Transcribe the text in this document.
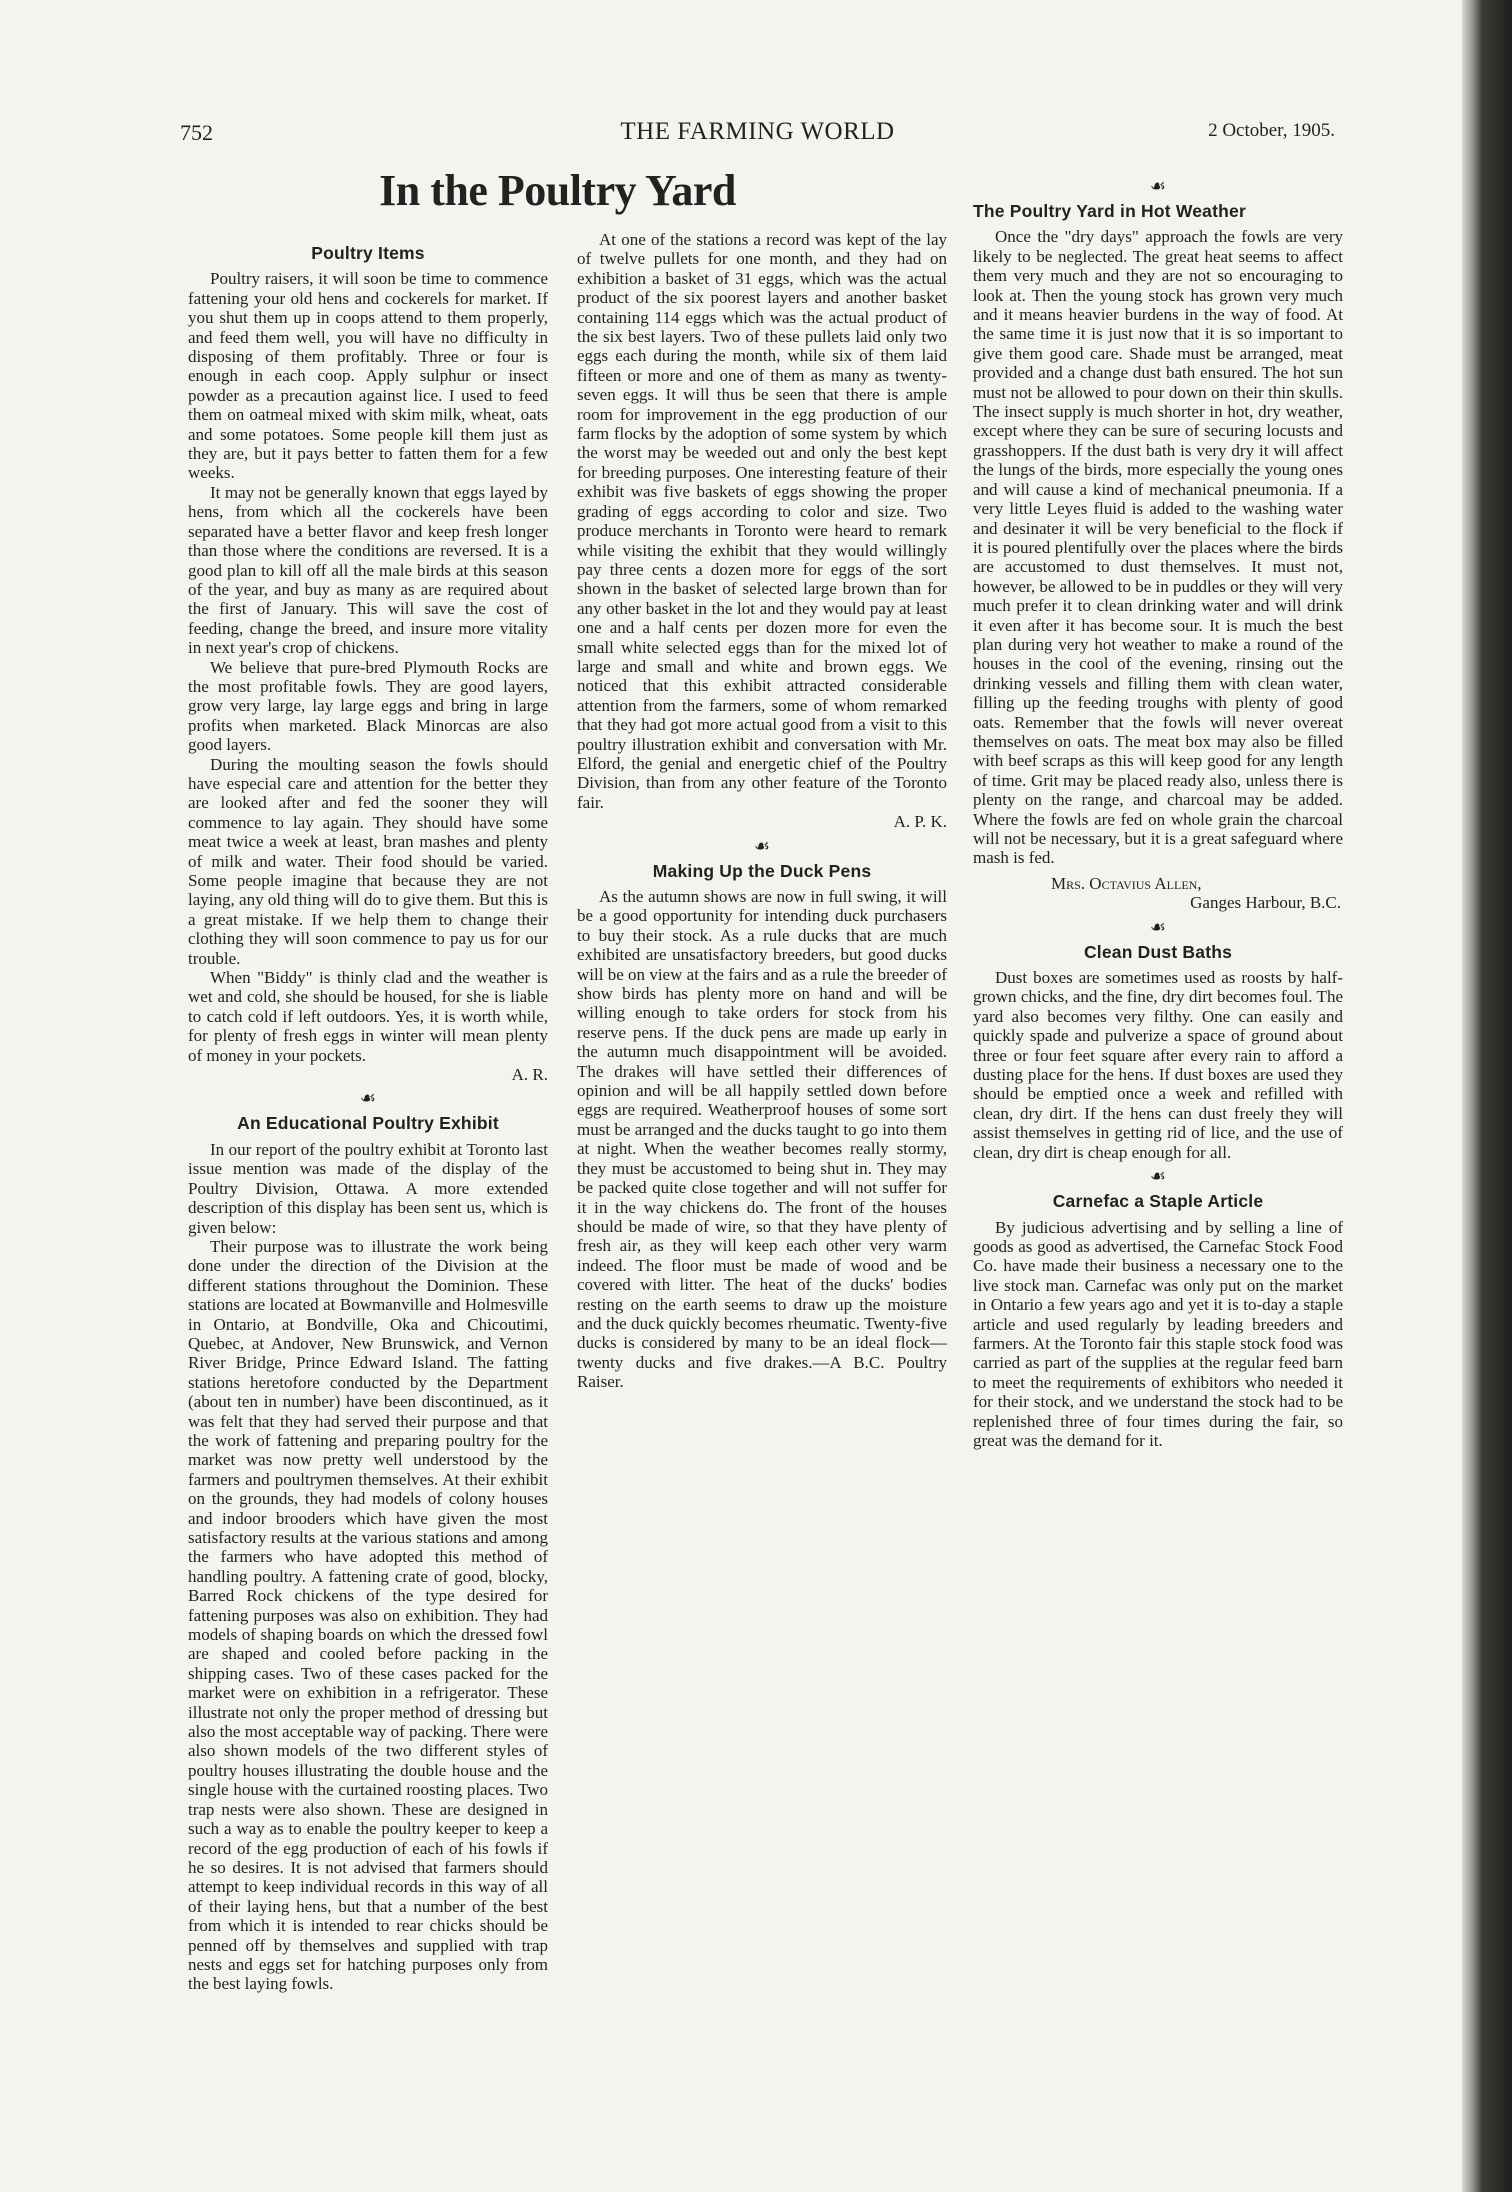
752	THE FARMING WORLD	2 October, 1905.
In the Poultry Yard
Poultry Items

Poultry raisers, it will soon be time to commence fattening your old hens and cockerels for market. If you shut them up in coops attend to them properly, and feed them well, you will have no difficulty in disposing of them profitably. Three or four is enough in each coop. Apply sulphur or insect powder as a precaution against lice. I used to feed them on oatmeal mixed with skim milk, wheat, oats and some potatoes. Some people kill them just as they are, but it pays better to fatten them for a few weeks.

It may not be generally known that eggs layed by hens, from which all the cockerels have been separated have a better flavor and keep fresh longer than those where the conditions are reversed. It is a good plan to kill off all the male birds at this season of the year, and buy as many as are required about the first of January. This will save the cost of feeding, change the breed, and insure more vitality in next year's crop of chickens.

We believe that pure-bred Plymouth Rocks are the most profitable fowls. They are good layers, grow very large, lay large eggs and bring in large profits when marketed. Black Minorcas are also good layers.

During the moulting season the fowls should have especial care and attention for the better they are looked after and fed the sooner they will commence to lay again. They should have some meat twice a week at least, bran mashes and plenty of milk and water. Their food should be varied. Some people imagine that because they are not laying, any old thing will do to give them. But this is a great mistake. If we help them to change their clothing they will soon commence to pay us for our trouble.

When "Biddy" is thinly clad and the weather is wet and cold, she should be housed, for she is liable to catch cold if left outdoors. Yes, it is worth while, for plenty of fresh eggs in winter will mean plenty of money in your pockets.

A. R.
☙
An Educational Poultry Exhibit

In our report of the poultry exhibit at Toronto last issue mention was made of the display of the Poultry Division, Ottawa. A more extended description of this display has been sent us, which is given below:

Their purpose was to illustrate the work being done under the direction of the Division at the different stations throughout the Dominion. These stations are located at Bowmanville and Holmesville in Ontario, at Bondville, Oka and Chicoutimi, Quebec, at Andover, New Brunswick, and Vernon River Bridge, Prince Edward Island. The fatting stations heretofore conducted by the Department (about ten in number) have been discontinued, as it was felt that they had served their purpose and that the work of fattening and preparing poultry for the market was now pretty well understood by the farmers and poultrymen themselves. At their exhibit on the grounds, they had models of colony houses and indoor brooders which have given the most satisfactory results at the various stations and among the farmers who have adopted this method of handling poultry. A fattening crate of good, blocky, Barred Rock chickens of the type desired for fattening purposes was also on exhibition. They had models of shaping boards on which the dressed fowl are shaped and cooled before packing in the shipping cases. Two of these cases packed for the market were on exhibition in a refrigerator. These illustrate not only the proper method of dressing but also the most acceptable way of packing. There were also shown models of the two different styles of poultry houses illustrating the double house and the single house with the curtained roosting places. Two trap nests were also shown. These are designed in such a way as to enable the poultry keeper to keep a record of the egg production of each of his fowls if he so desires. It is not advised that farmers should attempt to keep individual records in this way of all of their laying hens, but that a number of the best from which it is intended to rear chicks should be penned off by themselves and supplied with trap nests and eggs set for hatching purposes only from the best laying fowls.

At one of the stations a record was kept of the lay of twelve pullets for one month, and they had on exhibition a basket of 31 eggs, which was the actual product of the six poorest layers and another basket containing 114 eggs which was the actual product of the six best layers. Two of these pullets laid only two eggs each during the month, while six of them laid fifteen or more and one of them as many as twenty-seven eggs. It will thus be seen that there is ample room for improvement in the egg production of our farm flocks by the adoption of some system by which the worst may be weeded out and only the best kept for breeding purposes. One interesting feature of their exhibit was five baskets of eggs showing the proper grading of eggs according to color and size. Two produce merchants in Toronto were heard to remark while visiting the exhibit that they would willingly pay three cents a dozen more for eggs of the sort shown in the basket of selected large brown than for any other basket in the lot and they would pay at least one and a half cents per dozen more for even the small white selected eggs than for the mixed lot of large and small and white and brown eggs. We noticed that this exhibit attracted considerable attention from the farmers, some of whom remarked that they had got more actual good from a visit to this poultry illustration exhibit and conversation with Mr. Elford, the genial and energetic chief of the Poultry Division, than from any other feature of the Toronto fair.

A. P. K.
☙
Making Up the Duck Pens

As the autumn shows are now in full swing, it will be a good opportunity for intending duck purchasers to buy their stock. As a rule ducks that are much exhibited are unsatisfactory breeders, but good ducks will be on view at the fairs and as a rule the breeder of show birds has plenty more on hand and will be willing enough to take orders for stock from his reserve pens. If the duck pens are made up early in the autumn much disappointment will be avoided. The drakes will have settled their differences of opinion and will be all happily settled down before eggs are required. Weatherproof houses of some sort must be arranged and the ducks taught to go into them at night. When the weather becomes really stormy, they must be accustomed to being shut in. They may be packed quite close together and will not suffer for it in the way chickens do. The front of the houses should be made of wire, so that they have plenty of fresh air, as they will keep each other very warm indeed. The floor must be made of wood and be covered with litter. The heat of the ducks' bodies resting on the earth seems to draw up the moisture and the duck quickly becomes rheumatic. Twenty-five ducks is considered by many to be an ideal flock—twenty ducks and five drakes.—A B.C. Poultry Raiser.

☙
The Poultry Yard in Hot Weather

Once the "dry days" approach the fowls are very likely to be neglected. The great heat seems to affect them very much and they are not so encouraging to look at. Then the young stock has grown very much and it means heavier burdens in the way of food. At the same time it is just now that it is so important to give them good care. Shade must be arranged, meat provided and a change dust bath ensured. The hot sun must not be allowed to pour down on their thin skulls. The insect supply is much shorter in hot, dry weather, except where they can be sure of securing locusts and grasshoppers. If the dust bath is very dry it will affect the lungs of the birds, more especially the young ones and will cause a kind of mechanical pneumonia. If a very little Leyes fluid is added to the washing water and desinater it will be very beneficial to the flock if it is poured plentifully over the places where the birds are accustomed to dust themselves. It must not, however, be allowed to be in puddles or they will very much prefer it to clean drinking water and will drink it even after it has become sour. It is much the best plan during very hot weather to make a round of the houses in the cool of the evening, rinsing out the drinking vessels and filling them with clean water, filling up the feeding troughs with plenty of good oats. Remember that the fowls will never overeat themselves on oats. The meat box may also be filled with beef scraps as this will keep good for any length of time. Grit may be placed ready also, unless there is plenty on the range, and charcoal may be added. Where the fowls are fed on whole grain the charcoal will not be necessary, but it is a great safeguard where mash is fed.

Mrs. Octavius Allen,
Ganges Harbour, B.C.
☙
Clean Dust Baths

Dust boxes are sometimes used as roosts by half-grown chicks, and the fine, dry dirt becomes foul. The yard also becomes very filthy. One can easily and quickly spade and pulverize a space of ground about three or four feet square after every rain to afford a dusting place for the hens. If dust boxes are used they should be emptied once a week and refilled with clean, dry dirt. If the hens can dust freely they will assist themselves in getting rid of lice, and the use of clean, dry dirt is cheap enough for all.

☙
Carnefac a Staple Article

By judicious advertising and by selling a line of goods as good as advertised, the Carnefac Stock Food Co. have made their business a necessary one to the live stock man. Carnefac was only put on the market in Ontario a few years ago and yet it is to-day a staple article and used regularly by leading breeders and farmers. At the Toronto fair this staple stock food was carried as part of the supplies at the regular feed barn to meet the requirements of exhibitors who needed it for their stock, and we understand the stock had to be replenished three of four times during the fair, so great was the demand for it.
